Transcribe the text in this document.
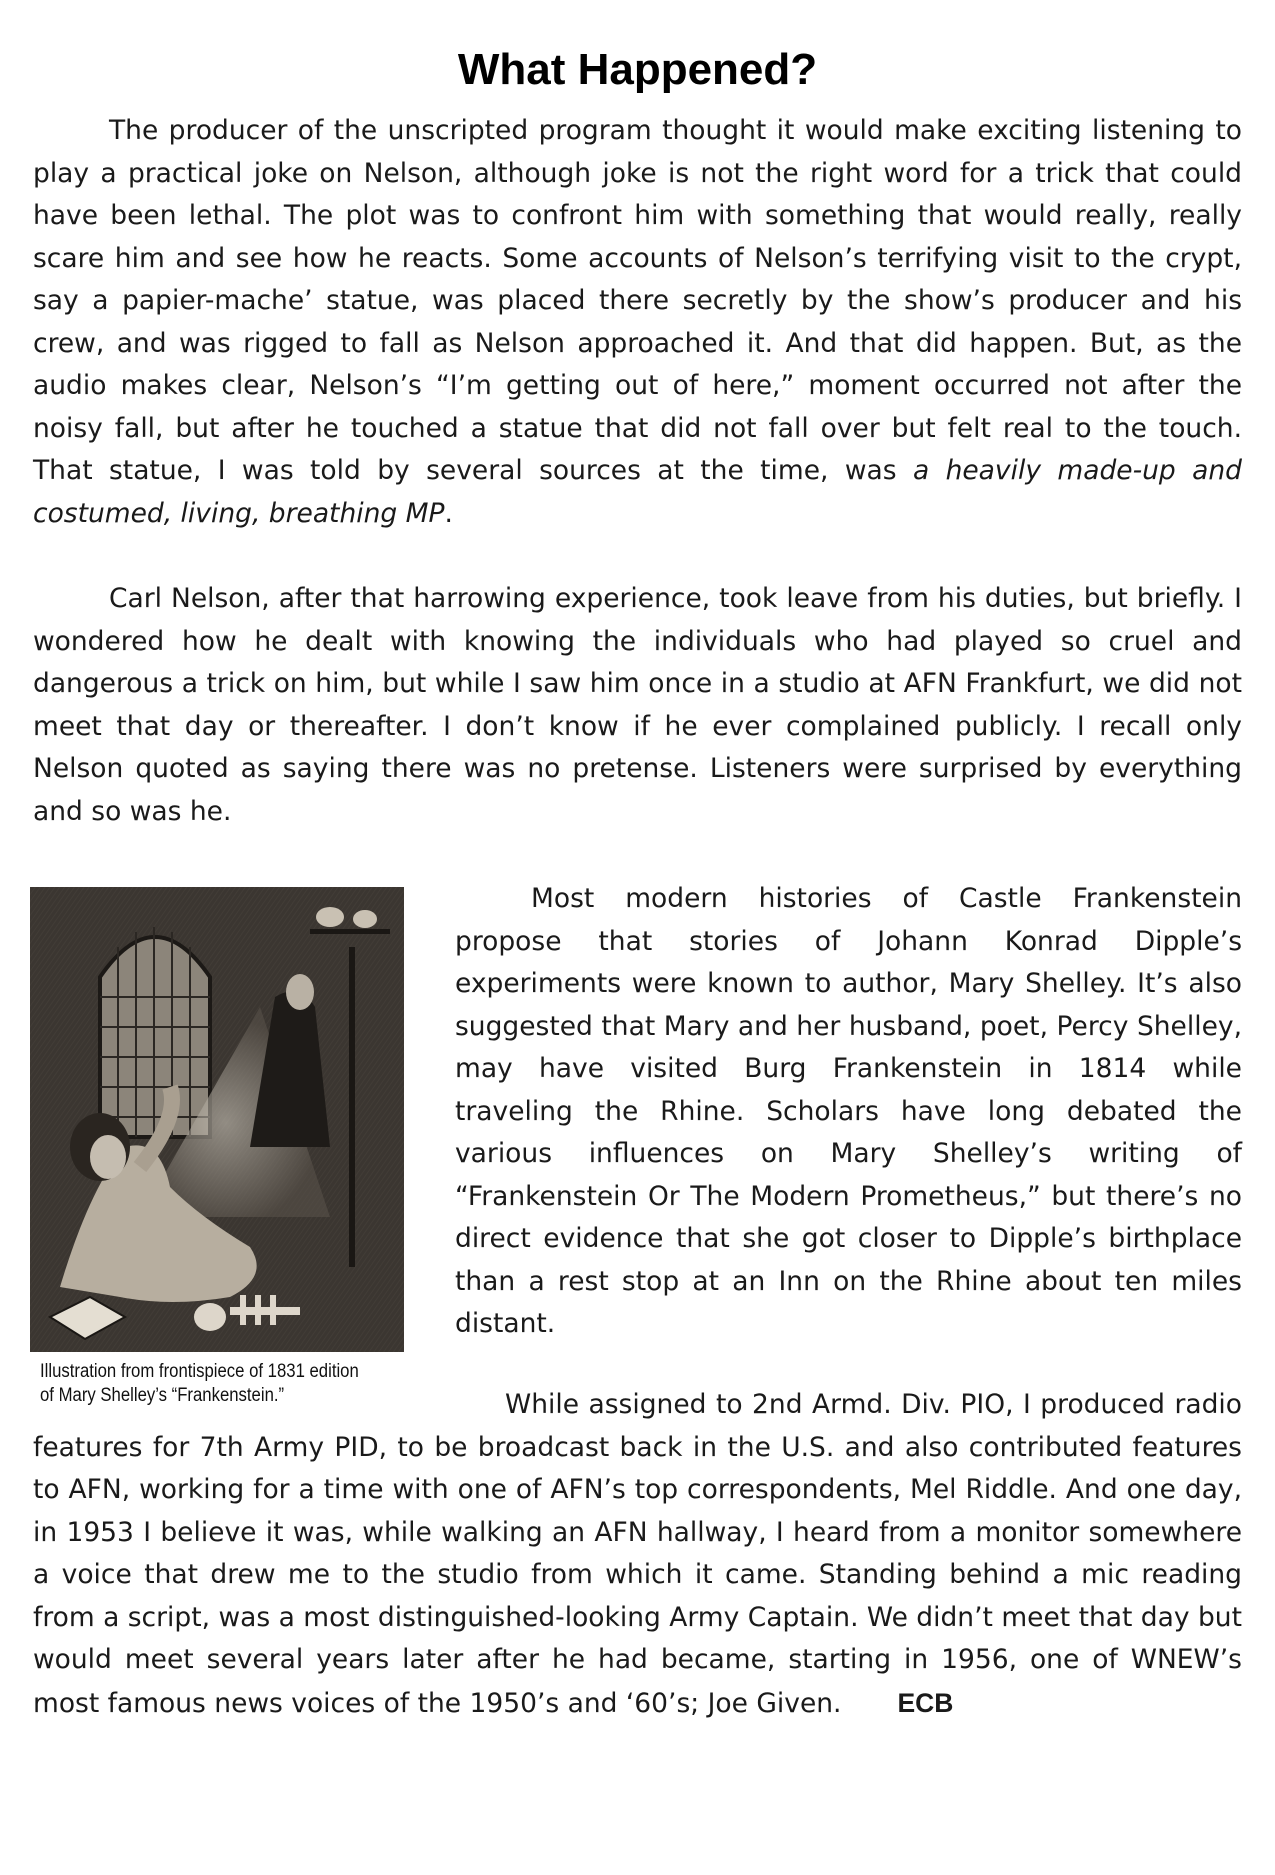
What Happened?

The producer of the unscripted program thought it would make exciting listening to play a practical joke on Nelson, although joke is not the right word for a trick that could have been lethal. The plot was to confront him with something that would really, really scare him and see how he reacts. Some accounts of Nelson’s terrifying visit to the crypt, say a papier-mache’ statue, was placed there secretly by the show’s producer and his crew, and was rigged to fall as Nelson approached it. And that did happen. But, as the audio makes clear, Nelson’s “I’m getting out of here,” moment occurred not after the noisy fall, but after he touched a statue that did not fall over but felt real to the touch. That statue, I was told by several sources at the time, was a heavily made-up and costumed, living, breathing MP.

Carl Nelson, after that harrowing experience, took leave from his duties, but briefly. I wondered how he dealt with knowing the individuals who had played so cruel and dangerous a trick on him, but while I saw him once in a studio at AFN Frankfurt, we did not meet that day or thereafter. I don’t know if he ever complained publicly. I recall only Nelson quoted as saying there was no pretense. Listeners were surprised by everything and so was he.

Illustration from frontispiece of 1831 edition
of Mary Shelley’s “Frankenstein.”

Most modern histories of Castle Frankenstein propose that stories of Johann Konrad Dipple’s experiments were known to author, Mary Shelley. It’s also suggested that Mary and her husband, poet, Percy Shelley, may have visited Burg Frankenstein in 1814 while traveling the Rhine. Scholars have long debated the various influences on Mary Shelley’s writing of “Frankenstein Or The Modern Prometheus,” but there’s no direct evidence that she got closer to Dipple’s birthplace than a rest stop at an Inn on the Rhine about ten miles distant.

While assigned to 2nd Armd. Div. PIO, I produced radio features for 7th Army PID, to be broadcast back in the U.S. and also contributed features to AFN, working for a time with one of AFN’s top correspondents, Mel Riddle. And one day, in 1953 I believe it was, while walking an AFN hallway, I heard from a monitor somewhere a voice that drew me to the studio from which it came. Standing behind a mic reading from a script, was a most distinguished-looking Army Captain. We didn’t meet that day but would meet several years later after he had became, starting in 1956, one of WNEW’s most famous news voices of the 1950’s and ‘60’s; Joe Given. ECB
